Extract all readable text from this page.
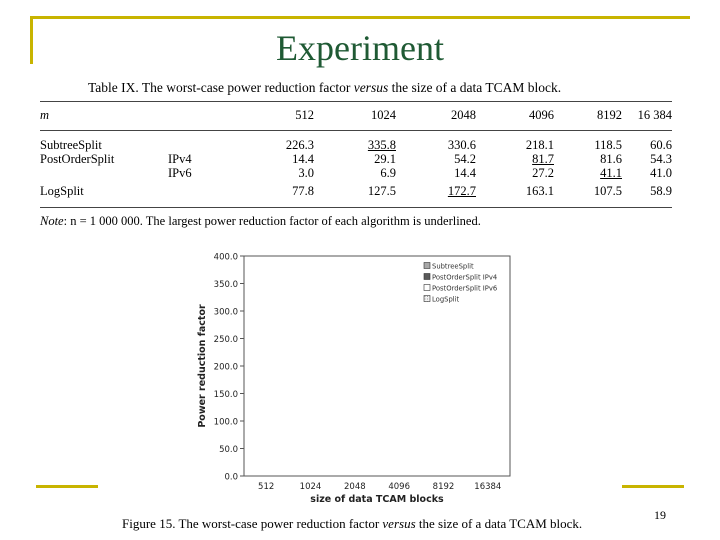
Experiment
Table IX. The worst-case power reduction factor versus the size of a data TCAM block.
m		512	1024	2048	4096	8192	16 384

SubtreeSplit		226.3	335.8	330.6	218.1	118.5	60.6
PostOrderSplit	IPv4	14.4	29.1	54.2	81.7	81.6	54.3
	IPv6	3.0	6.9	14.4	27.2	41.1	41.0
LogSplit		77.8	127.5	172.7	163.1	107.5	58.9
Note: n = 1 000 000. The largest power reduction factor of each algorithm is underlined.
0.0
50.0
100.0
150.0
200.0
250.0
300.0
350.0
400.0
Power reduction factor
size of data TCAM blocks
512	1024	2048	4096	8192 16384
SubtreeSplit
PostOrderSplit IPv4
PostOrderSplit IPv6
LogSplit
Figure 15. The worst-case power reduction factor versus the size of a data TCAM block.
19
